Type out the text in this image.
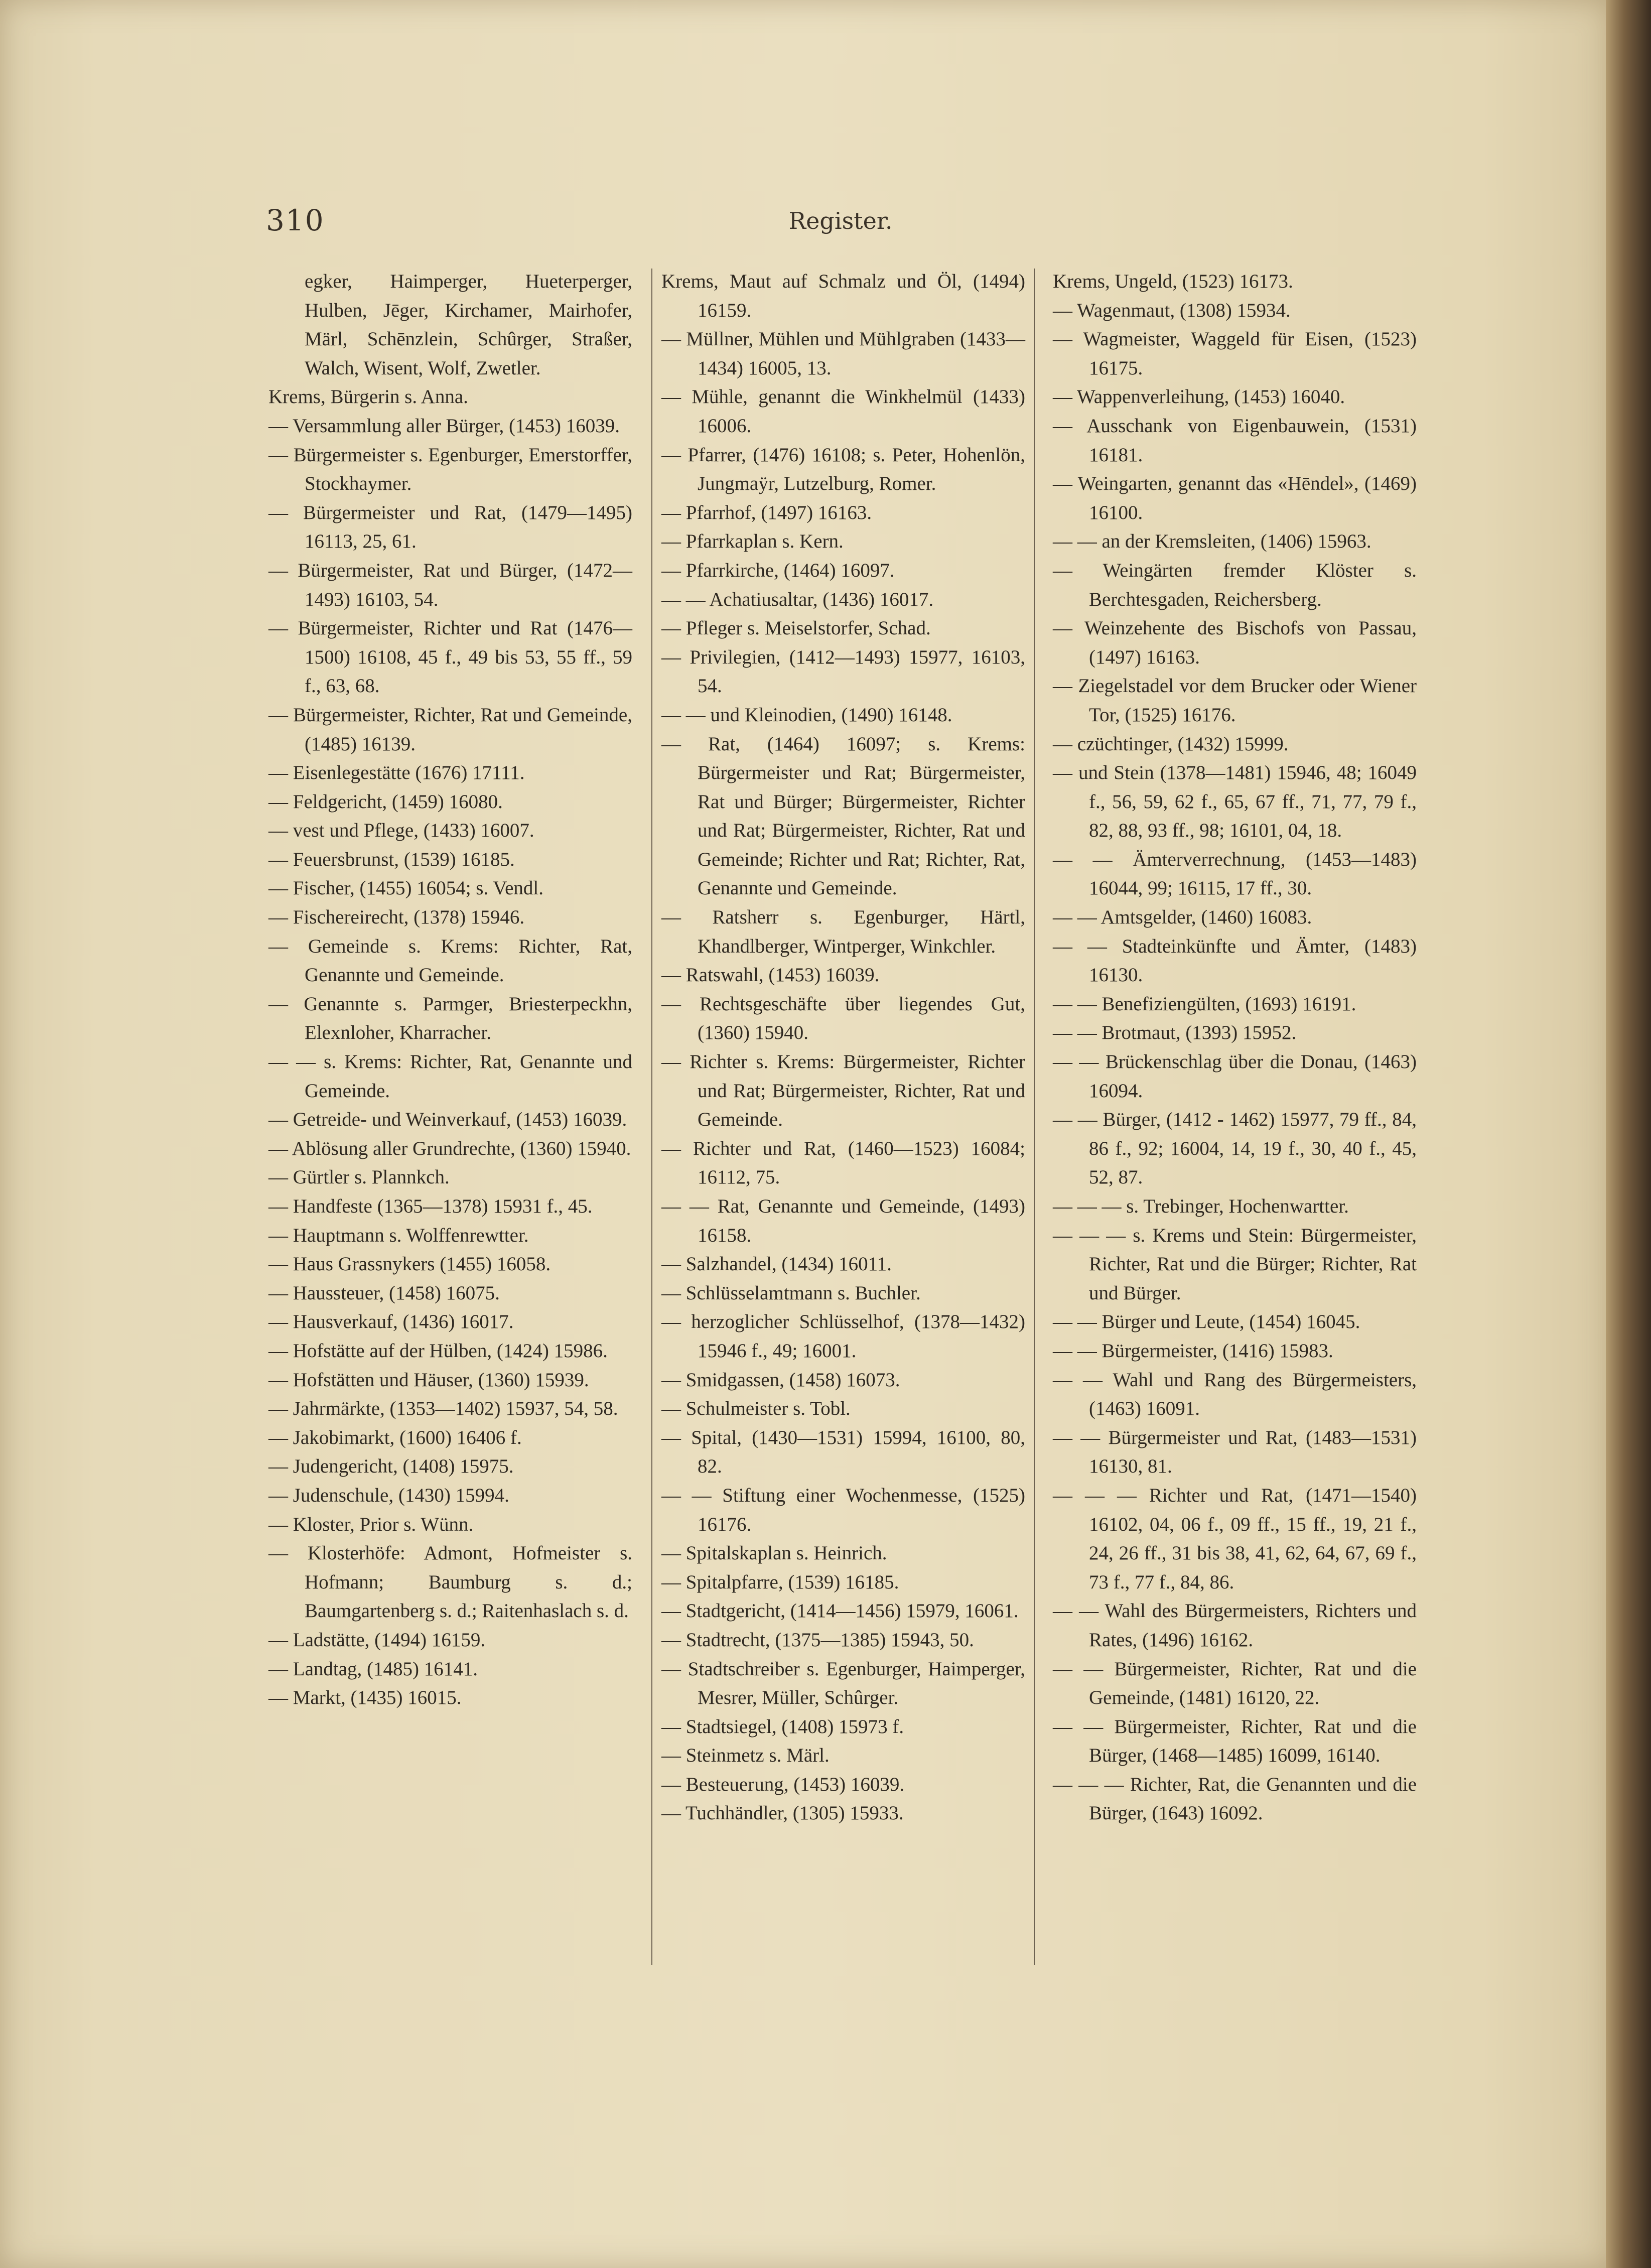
310	Register.
egker, Haimperger, Hueterperger, Hulben, Jēger, Kirchamer, Mairhofer, Märl, Schēnzlein, Schûrger, Straßer, Walch, Wisent, Wolf, Zwetler.
Krems, Bürgerin s. Anna.
— Versammlung aller Bürger, (1453) 16039.
— Bürgermeister s. Egenburger, Emerstorffer, Stockhaymer.
— Bürgermeister und Rat, (1479—1495) 16113, 25, 61.
— Bürgermeister, Rat und Bürger, (1472—1493) 16103, 54.
— Bürgermeister, Richter und Rat (1476—1500) 16108, 45 f., 49 bis 53, 55 ff., 59 f., 63, 68.
— Bürgermeister, Richter, Rat und Gemeinde, (1485) 16139.
— Eisenlegestätte (1676) 17111.
— Feldgericht, (1459) 16080.
— vest und Pflege, (1433) 16007.
— Feuersbrunst, (1539) 16185.
— Fischer, (1455) 16054; s. Vendl.
— Fischereirecht, (1378) 15946.
— Gemeinde s. Krems: Richter, Rat, Genannte und Gemeinde.
— Genannte s. Parmger, Briesterpeckhn, Elexnloher, Kharracher.
— — s. Krems: Richter, Rat, Genannte und Gemeinde.
— Getreide- und Weinverkauf, (1453) 16039.
— Ablösung aller Grundrechte, (1360) 15940.
— Gürtler s. Plannkch.
— Handfeste (1365—1378) 15931 f., 45.
— Hauptmann s. Wolffenrewtter.
— Haus Grassnykers (1455) 16058.
— Haussteuer, (1458) 16075.
— Hausverkauf, (1436) 16017.
— Hofstätte auf der Hülben, (1424) 15986.
— Hofstätten und Häuser, (1360) 15939.
— Jahrmärkte, (1353—1402) 15937, 54, 58.
— Jakobimarkt, (1600) 16406 f.
— Judengericht, (1408) 15975.
— Judenschule, (1430) 15994.
— Kloster, Prior s. Wünn.
— Klosterhöfe: Admont, Hofmeister s. Hofmann; Baumburg s. d.; Baumgartenberg s. d.; Raitenhaslach s. d.
— Ladstätte, (1494) 16159.
— Landtag, (1485) 16141.
— Markt, (1435) 16015.
Krems, Maut auf Schmalz und Öl, (1494) 16159.
— Müllner, Mühlen und Mühlgraben (1433—1434) 16005, 13.
— Mühle, genannt die Winkhelmül (1433) 16006.
— Pfarrer, (1476) 16108; s. Peter, Hohenlön, Jungmaÿr, Lutzelburg, Romer.
— Pfarrhof, (1497) 16163.
— Pfarrkaplan s. Kern.
— Pfarrkirche, (1464) 16097.
— — Achatiusaltar, (1436) 16017.
— Pfleger s. Meiselstorfer, Schad.
— Privilegien, (1412—1493) 15977, 16103, 54.
— — und Kleinodien, (1490) 16148.
— Rat, (1464) 16097; s. Krems: Bürgermeister und Rat; Bürgermeister, Rat und Bürger; Bürgermeister, Richter und Rat; Bürgermeister, Richter, Rat und Gemeinde; Richter und Rat; Richter, Rat, Genannte und Gemeinde.
— Ratsherr s. Egenburger, Härtl, Khandlberger, Wintperger, Winkchler.
— Ratswahl, (1453) 16039.
— Rechtsgeschäfte über liegendes Gut, (1360) 15940.
— Richter s. Krems: Bürgermeister, Richter und Rat; Bürgermeister, Richter, Rat und Gemeinde.
— Richter und Rat, (1460—1523) 16084; 16112, 75.
— — Rat, Genannte und Gemeinde, (1493) 16158.
— Salzhandel, (1434) 16011.
— Schlüsselamtmann s. Buchler.
— herzoglicher Schlüsselhof, (1378—1432) 15946 f., 49; 16001.
— Smidgassen, (1458) 16073.
— Schulmeister s. Tobl.
— Spital, (1430—1531) 15994, 16100, 80, 82.
— — Stiftung einer Wochenmesse, (1525) 16176.
— Spitalskaplan s. Heinrich.
— Spitalpfarre, (1539) 16185.
— Stadtgericht, (1414—1456) 15979, 16061.
— Stadtrecht, (1375—1385) 15943, 50.
— Stadtschreiber s. Egenburger, Haimperger, Mesrer, Müller, Schûrger.
— Stadtsiegel, (1408) 15973 f.
— Steinmetz s. Märl.
— Besteuerung, (1453) 16039.
— Tuchhändler, (1305) 15933.
Krems, Ungeld, (1523) 16173.
— Wagenmaut, (1308) 15934.
— Wagmeister, Waggeld für Eisen, (1523) 16175.
— Wappenverleihung, (1453) 16040.
— Ausschank von Eigenbauwein, (1531) 16181.
— Weingarten, genannt das «Hēndel», (1469) 16100.
— — an der Kremsleiten, (1406) 15963.
— Weingärten fremder Klöster s. Berchtesgaden, Reichersberg.
— Weinzehente des Bischofs von Passau, (1497) 16163.
— Ziegelstadel vor dem Brucker oder Wiener Tor, (1525) 16176.
— czüchtinger, (1432) 15999.
— und Stein (1378—1481) 15946, 48; 16049 f., 56, 59, 62 f., 65, 67 ff., 71, 77, 79 f., 82, 88, 93 ff., 98; 16101, 04, 18.
— — Ämterverrechnung, (1453—1483) 16044, 99; 16115, 17 ff., 30.
— — Amtsgelder, (1460) 16083.
— — Stadteinkünfte und Ämter, (1483) 16130.
— — Benefiziengülten, (1693) 16191.
— — Brotmaut, (1393) 15952.
— — Brückenschlag über die Donau, (1463) 16094.
— — Bürger, (1412 - 1462) 15977, 79 ff., 84, 86 f., 92; 16004, 14, 19 f., 30, 40 f., 45, 52, 87.
— — — s. Trebinger, Hochenwartter.
— — — s. Krems und Stein: Bürgermeister, Richter, Rat und die Bürger; Richter, Rat und Bürger.
— — Bürger und Leute, (1454) 16045.
— — Bürgermeister, (1416) 15983.
— — Wahl und Rang des Bürgermeisters, (1463) 16091.
— — Bürgermeister und Rat, (1483—1531) 16130, 81.
— — — Richter und Rat, (1471—1540) 16102, 04, 06 f., 09 ff., 15 ff., 19, 21 f., 24, 26 ff., 31 bis 38, 41, 62, 64, 67, 69 f., 73 f., 77 f., 84, 86.
— — Wahl des Bürgermeisters, Richters und Rates, (1496) 16162.
— — Bürgermeister, Richter, Rat und die Gemeinde, (1481) 16120, 22.
— — Bürgermeister, Richter, Rat und die Bürger, (1468—1485) 16099, 16140.
— — — Richter, Rat, die Genannten und die Bürger, (1643) 16092.
